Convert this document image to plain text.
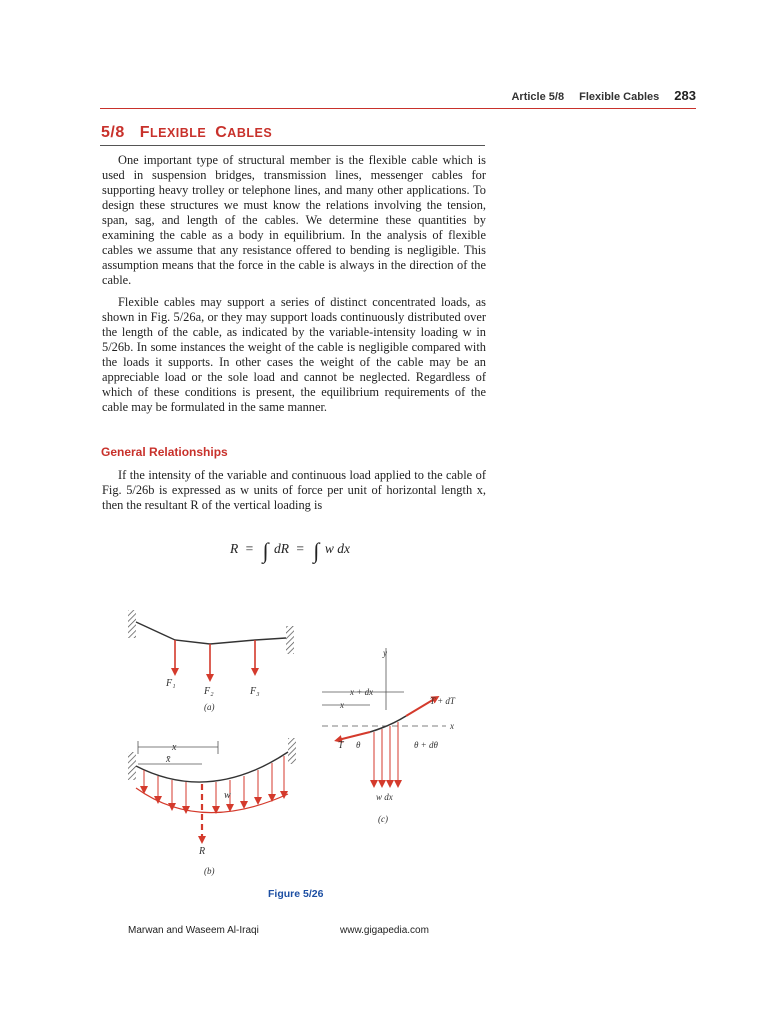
Article 5/8 Flexible Cables 283
5/8 FLEXIBLE CABLES

One important type of structural member is the flexible cable which is used in suspension bridges, transmission lines, messenger cables for supporting heavy trolley or telephone lines, and many other applications. To design these structures we must know the relations involving the tension, span, sag, and length of the cables. We determine these quantities by examining the cable as a body in equilibrium. In the analysis of flexible cables we assume that any resistance offered to bending is negligible. This assumption means that the force in the cable is always in the direction of the cable.

Flexible cables may support a series of distinct concentrated loads, as shown in Fig. 5/26a, or they may support loads continuously distributed over the length of the cable, as indicated by the variable-intensity loading w in 5/26b. In some instances the weight of the cable is negligible compared with the loads it supports. In other cases the weight of the cable may be an appreciable load or the sole load and cannot be neglected. Regardless of which of these conditions is present, the equilibrium requirements of the cable may be formulated in the same manner.

General Relationships

If the intensity of the variable and continuous load applied to the cable of Fig. 5/26b is expressed as w units of force per unit of horizontal length x, then the resultant R of the vertical loading is

R = ∫ dR = ∫ w dx
F₁
F₂	F₃
(a)
x
x̄
w
R
(b)
y
x
x + dx
x
T θ
T + dT
θ + dθ
w dx
(c)
Figure 5/26
Marwan and Waseem Al-Iraqi	www.gigapedia.com
